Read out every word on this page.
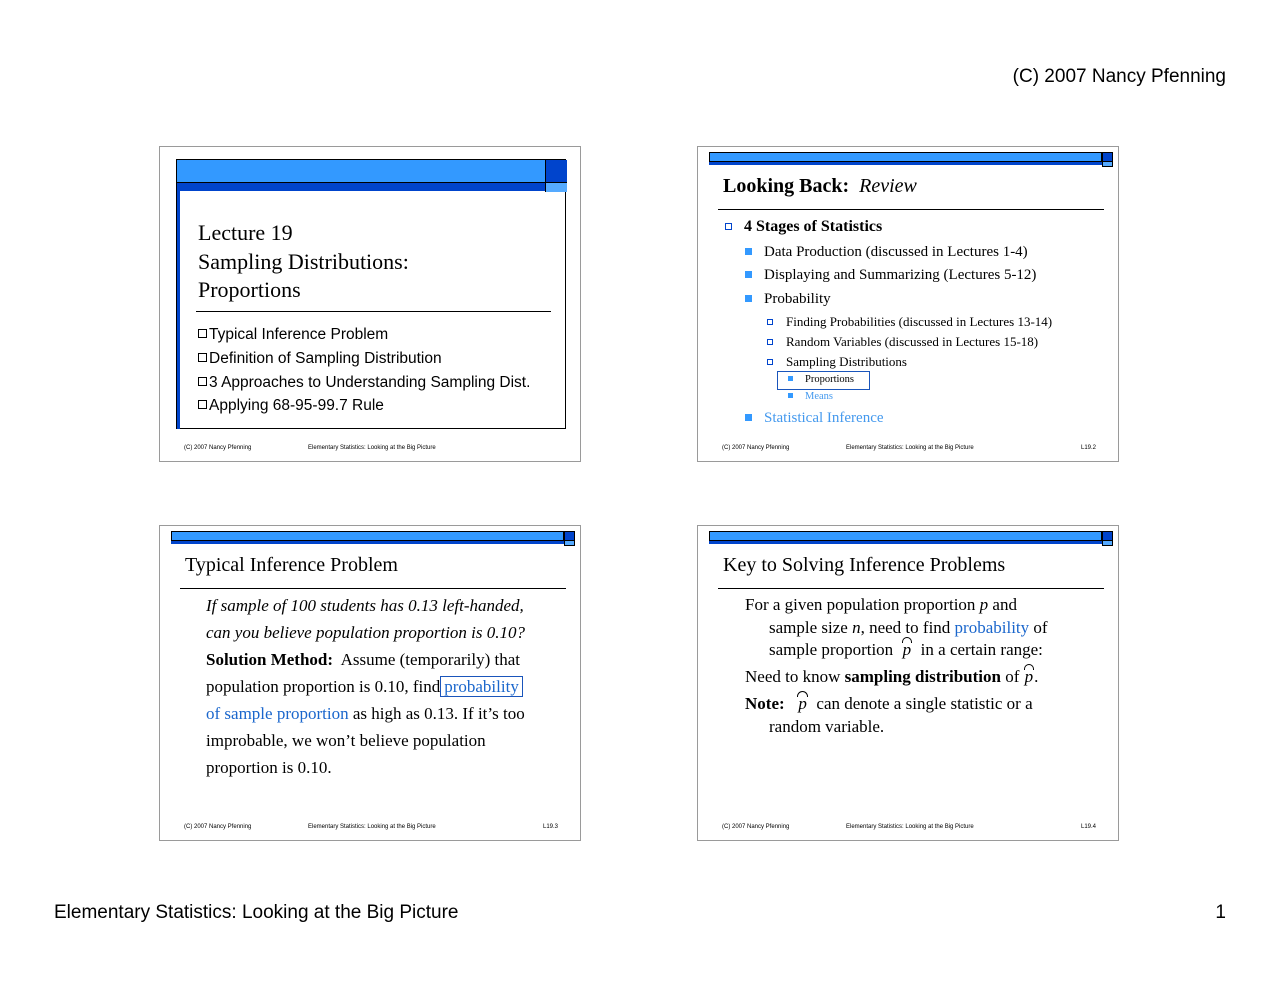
(C) 2007 Nancy Pfenning
Lecture 19
Sampling Distributions:
Proportions
Typical Inference Problem
Definition of Sampling Distribution
3 Approaches to Understanding Sampling Dist.
Applying 68-95-99.7 Rule
(C) 2007 Nancy Pfenning	Elementary Statistics: Looking at the Big Picture
Looking Back: Review
4 Stages of Statistics
Data Production (discussed in Lectures 1-4)
Displaying and Summarizing (Lectures 5-12)
Probability
Finding Probabilities (discussed in Lectures 13-14)
Random Variables (discussed in Lectures 15-18)
Sampling Distributions
Proportions
Means
Statistical Inference
(C) 2007 Nancy Pfenning	Elementary Statistics: Looking at the Big Picture	L19.2
Typical Inference Problem
If sample of 100 students has 0.13 left-handed,
can you believe population proportion is 0.10?
Solution Method: Assume (temporarily) that
population proportion is 0.10, find probability
of sample proportion as high as 0.13. If it’s too
improbable, we won’t believe population
proportion is 0.10.
(C) 2007 Nancy Pfenning	Elementary Statistics: Looking at the Big Picture	L19.3
Key to Solving Inference Problems
For a given population proportion p and
sample size n, need to find probability of
sample proportion p in a certain range:
Need to know sampling distribution of p.
Note: p can denote a single statistic or a
random variable.
(C) 2007 Nancy Pfenning	Elementary Statistics: Looking at the Big Picture	L19.4
Elementary Statistics: Looking at the Big Picture	1
